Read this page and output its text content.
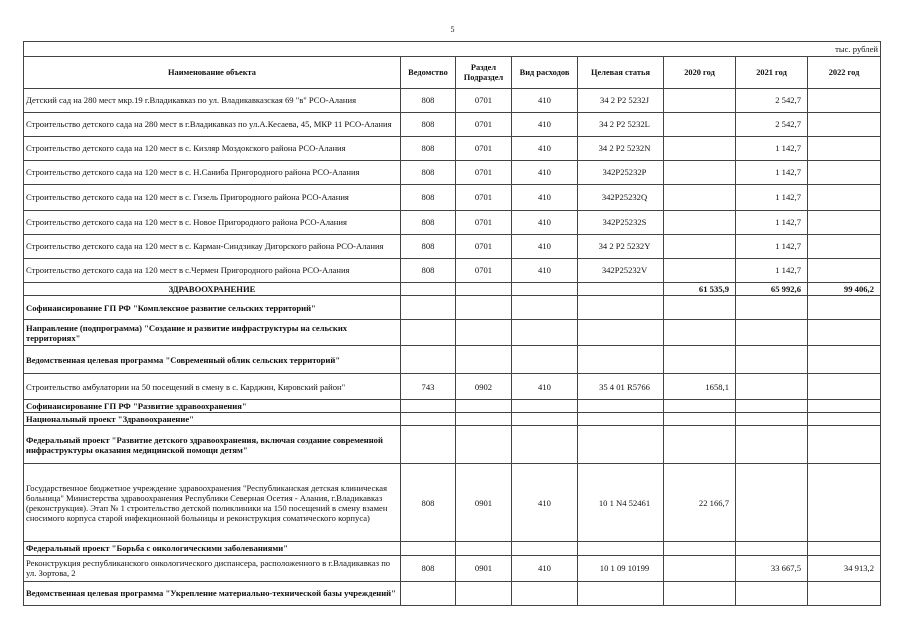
5
тыс. рублей							
Наименование объекта	Ведомство	Раздел Подраздел	Вид расходов	Целевая статья	2020 год	2021 год	2022 год
Детский сад на 280 мест мкр.19 г.Владикавказ по ул. Владикавказская 69 "в" РСО-Алания	808	0701	410	34 2 P2 5232J		2 542,7	
Строительство детского сада на 280 мест в г.Владикавказ по ул.А.Кесаева, 45, МКР 11 РСО-Алания	808	0701	410	34 2 P2 5232L		2 542,7	
Строительство детского сада на 120 мест в с. Кизляр Моздокского района РСО-Алания	808	0701	410	34 2 P2 5232N		1 142,7	
Строительство детского сада на 120 мест в с. Н.Саниба Пригородного района РСО-Алания	808	0701	410	342P25232P		1 142,7	
Строительство детского сада на 120 мест в с. Гизель Пригородного района РСО-Алания	808	0701	410	342P25232Q		1 142,7	
Строительство детского сада на 120 мест в с. Новое Пригородного района РСО-Алания	808	0701	410	342P25232S		1 142,7	
Строительство детского сада на 120 мест в с. Карман-Синдзикау Дигорского района РСО-Алания	808	0701	410	34 2 P2 5232Y		1 142,7	
Строительство детского сада на 120 мест в с.Чермен Пригородного района РСО-Алания	808	0701	410	342P25232V		1 142,7	
ЗДРАВООХРАНЕНИЕ					61 535,9	65 992,6	99 406,2
Софинансирование ГП РФ "Комплексное развитие сельских территорий"							
Направление (подпрограмма) "Создание и развитие инфраструктуры на сельских территориях"							
Ведомственная целевая программа "Современный облик сельских территорий"							
Строительство амбулатории на 50 посещений в смену в с. Карджин, Кировский район"	743	0902	410	35 4 01 R5766	1658,1		
Софинансирование ГП РФ "Развитие здравоохранения"							
Национальный проект "Здравоохранение"							
Федеральный проект "Развитие детского здравоохранения, включая создание современной инфраструктуры оказания медицинской помощи детям"							
Государственное бюджетное учреждение здравоохранения "Республиканская детская клиническая больница" Министерства здравоохранения Республики Северная Осетия - Алания, г.Владикавказ (реконструкция). Этап № 1 строительство детской поликлиники на 150 посещений в смену взамен сносимого корпуса старой инфекционной больницы и реконструкция соматического корпуса)	808	0901	410	10 1 N4 52461	22 166,7		
Федеральный проект "Борьба с онкологическими заболеваниями"							
Реконструкция республиканского онкологического диспансера, расположенного в г.Владикавказ по ул. Зортова, 2	808	0901	410	10 1 09 10199		33 667,5	34 913,2
Ведомственная целевая программа "Укрепление материально-технической базы учреждений"							
